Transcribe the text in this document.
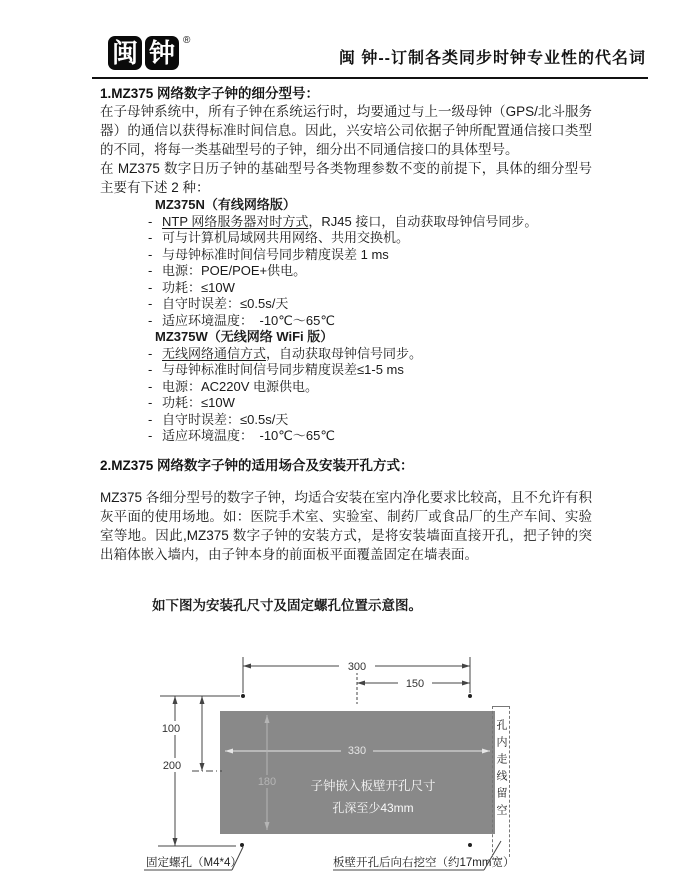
闽 钟 ®
闽 钟--订制各类同步时钟专业性的代名词
1.MZ375 网络数字子钟的细分型号：

在子母钟系统中，所有子钟在系统运行时，均要通过与上一级母钟（GPS/北斗服务器）的通信以获得标准时间信息。因此，兴安培公司依据子钟所配置通信接口类型的不同，将每一类基础型号的子钟，细分出不同通信接口的具体型号。

在 MZ375 数字日历子钟的基础型号各类物理参数不变的前提下，具体的细分型号主要有下述 2 种：

MZ375N（有线网络版）
- NTP 网络服务器对时方式，RJ45 接口，自动获取母钟信号同步。
- 可与计算机局域网共用网络、共用交换机。
- 与母钟标准时间信号同步精度误差 1 ms
- 电源：POE/POE+供电。
- 功耗：≤10W
- 自守时误差：≤0.5s/天
- 适应环境温度：　-10℃～65℃
MZ375W（无线网络 WiFi 版）
- 无线网络通信方式，自动获取母钟信号同步。
- 与母钟标准时间信号同步精度误差≤1-5 ms
- 电源：AC220V 电源供电。
- 功耗：≤10W
- 自守时误差：≤0.5s/天
- 适应环境温度：　-10℃～65℃
2.MZ375 网络数字子钟的适用场合及安装开孔方式：

MZ375 各细分型号的数字子钟，均适合安装在室内净化要求比较高，且不允许有积灰平面的使用场地。如：医院手术室、实验室、制药厂或食品厂的生产车间、实验室等地。因此,MZ375 数字子钟的安装方式，是将安装墙面直接开孔，把子钟的突出箱体嵌入墙内，由子钟本身的前面板平面覆盖固定在墙表面。

如下图为安装孔尺寸及固定螺孔位置示意图。
300
150
100
200
330
180	子钟嵌入板壁开孔尺寸
孔深至少43mm
固定螺孔（M4*4）	板壁开孔后向右挖空（约17mm宽）
孔内走线留空
